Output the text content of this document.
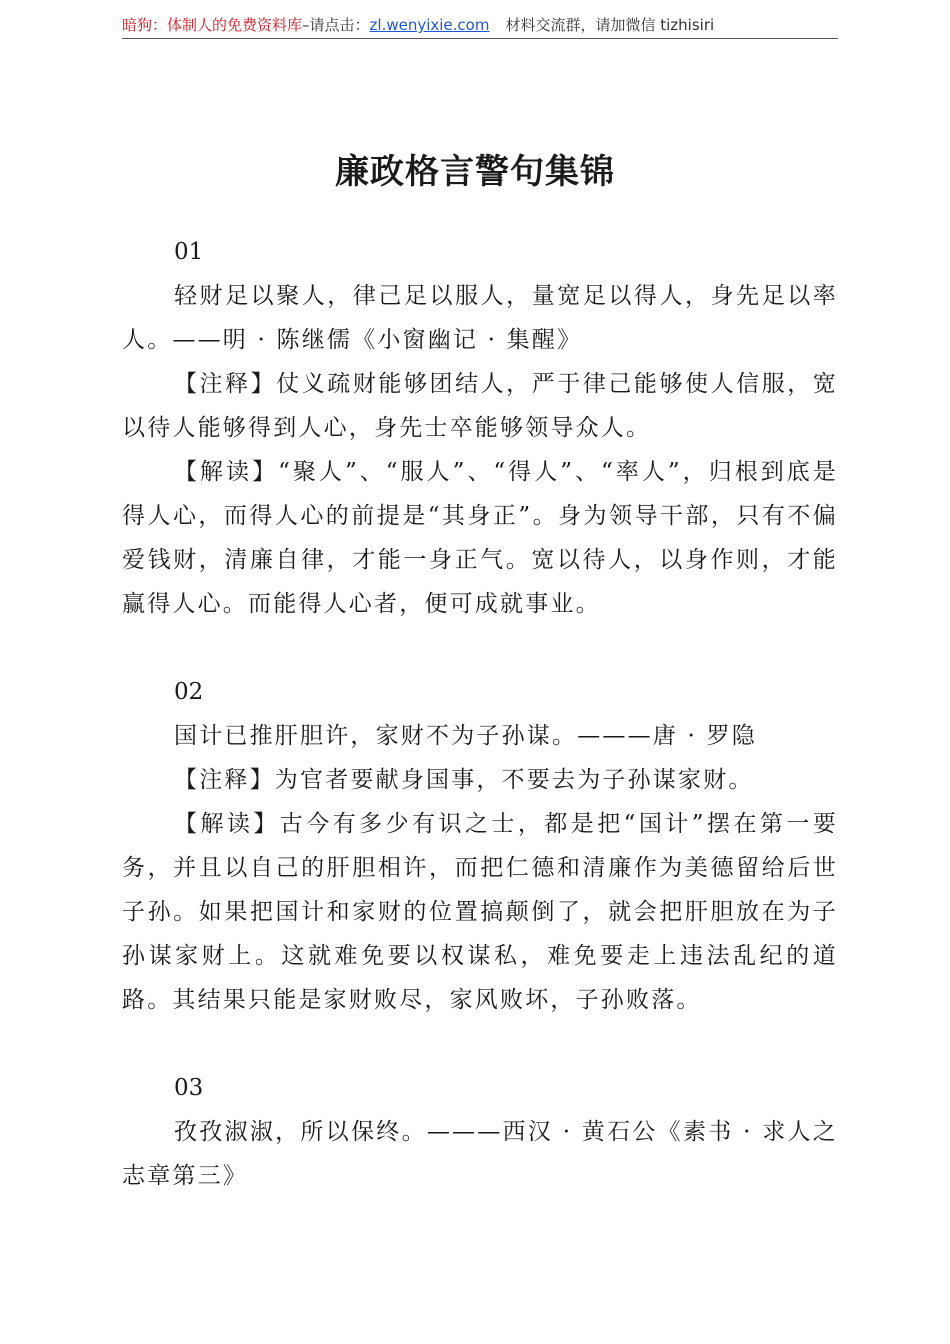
暗狗：体制人的免费资料库–请点击：zl.wenyixie.com 材料交流群，请加微信 tizhisiri
廉政格言警句集锦

01

轻财足以聚人，律己足以服人，量宽足以得人，身先足以率人。——明 · 陈继儒《小窗幽记 · 集醒》

【注释】仗义疏财能够团结人，严于律己能够使人信服，宽以待人能够得到人心，身先士卒能够领导众人。

【解读】“聚人”、“服人”、“得人”、“率人”，归根到底是得人心，而得人心的前提是“其身正”。身为领导干部，只有不偏爱钱财，清廉自律，才能一身正气。宽以待人，以身作则，才能赢得人心。而能得人心者，便可成就事业。

02

国计已推肝胆许，家财不为子孙谋。———唐 · 罗隐

【注释】为官者要献身国事，不要去为子孙谋家财。

【解读】古今有多少有识之士，都是把“国计”摆在第一要务，并且以自己的肝胆相许，而把仁德和清廉作为美德留给后世子孙。如果把国计和家财的位置搞颠倒了，就会把肝胆放在为子孙谋家财上。这就难免要以权谋私，难免要走上违法乱纪的道路。其结果只能是家财败尽，家风败坏，子孙败落。

03

孜孜淑淑，所以保终。———西汉 · 黄石公《素书 · 求人之志章第三》
